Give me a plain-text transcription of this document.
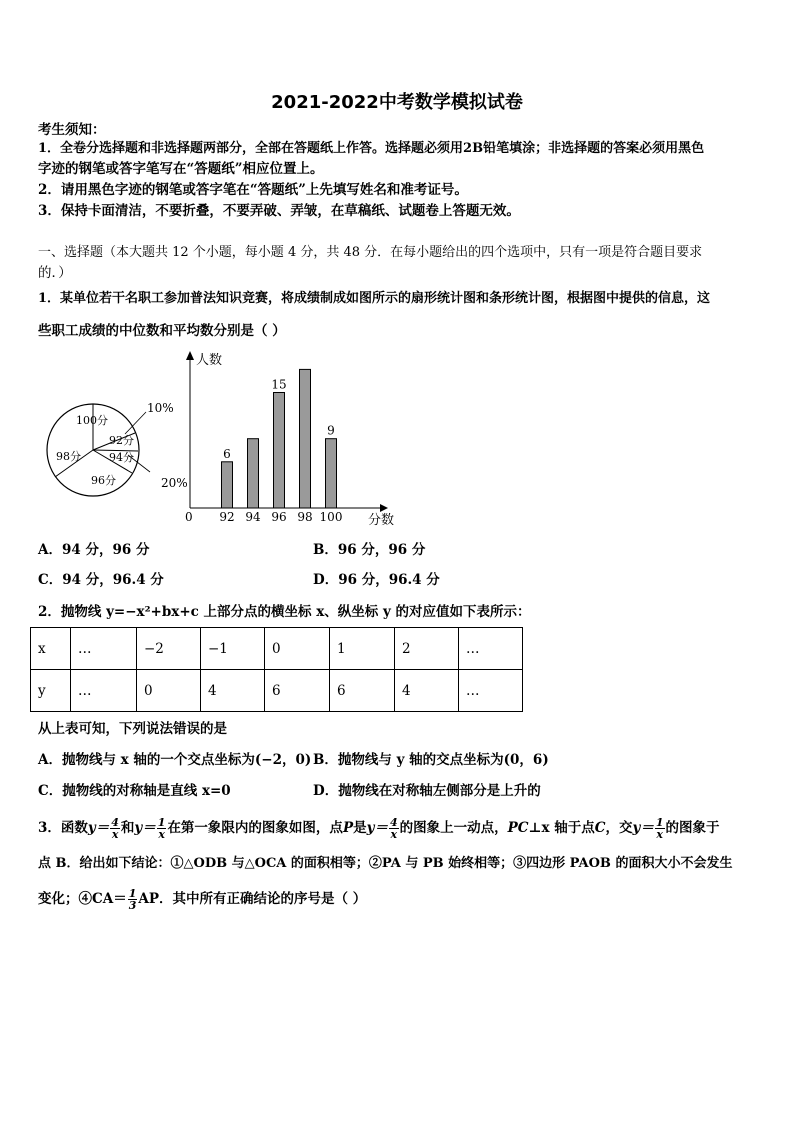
2021-2022中考数学模拟试卷
考生须知：
1．全卷分选择题和非选择题两部分，全部在答题纸上作答。选择题必须用2B铅笔填涂；非选择题的答案必须用黑色
字迹的钢笔或答字笔写在“答题纸”相应位置上。
2．请用黑色字迹的钢笔或答字笔在“答题纸”上先填写姓名和准考证号。
3．保持卡面清洁，不要折叠，不要弄破、弄皱，在草稿纸、试题卷上答题无效。
一、选择题（本大题共 12 个小题，每小题 4 分，共 48 分．在每小题给出的四个选项中，只有一项是符合题目要求
的．）
1．某单位若干名职工参加普法知识竞赛，将成绩制成如图所示的扇形统计图和条形统计图，根据图中提供的信息，这
些职工成绩的中位数和平均数分别是（ ）
100分
92分
94分
96分
98分
10%
20%
人数
分数
0 92
6
94 96
15
98 100
9
A．94 分，96 分	B．96 分，96 分
C．94 分，96.4 分	D．96 分，96.4 分
2．抛物线 y=−x²+bx+c 上部分点的横坐标 x、纵坐标 y 的对应值如下表所示：
x	…	−2	−1	0	1	2	…
y	…	0	4	6	6	4	…
从上表可知，下列说法错误的是
A．抛物线与 x 轴的一个交点坐标为(−2，0) B．抛物线与 y 轴的交点坐标为(0，6)
C．抛物线的对称轴是直线 x=0	D．抛物线在对称轴左侧部分是上升的
3．函数$y= \frac{4}{x}$ 和$y= \frac{1}{x}$ 在第一象限内的图象如图，点P是$y= \frac{4}{x}$ 的图象上一动点，PC⊥x 轴于点C，交$y= \frac{1}{x}$ 的图象于
点 B．给出如下结论：①△ODB 与△OCA 的面积相等；②PA 与 PB 始终相等；③四边形 PAOB 的面积大小不会发生
变化；④CA＝ $\frac{1}{3}$ AP．其中所有正确结论的序号是（ ）
